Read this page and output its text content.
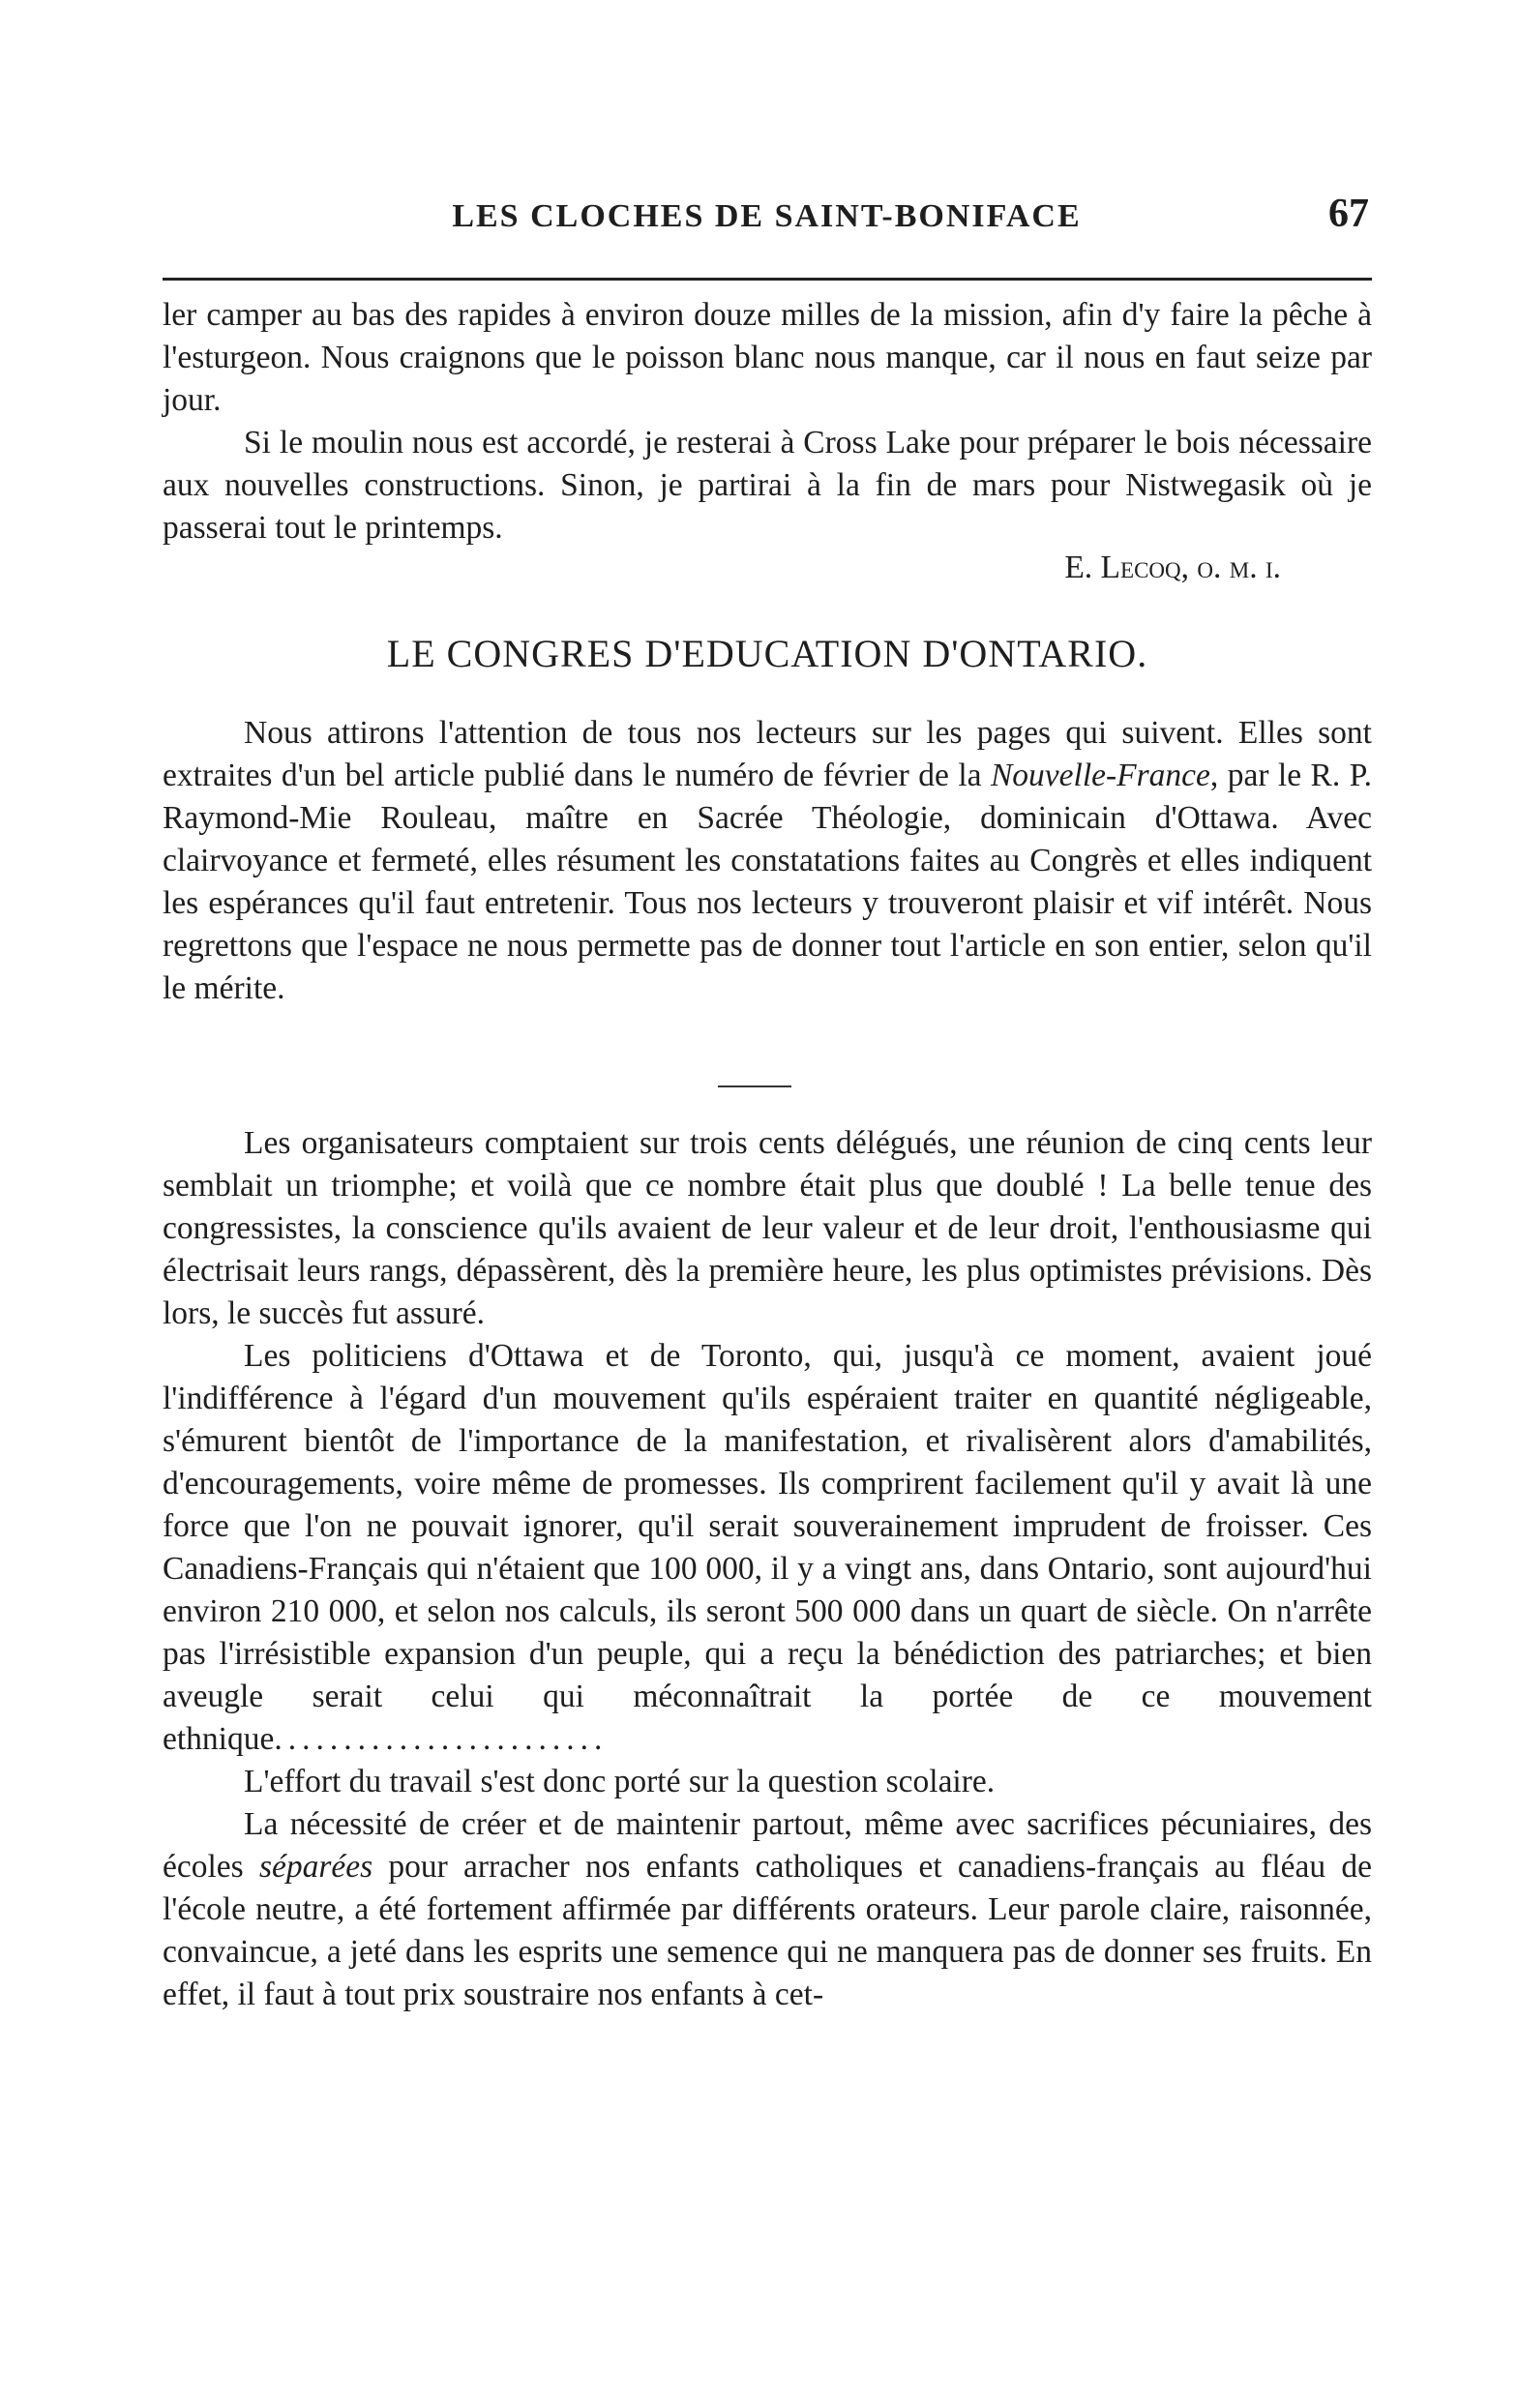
LES CLOCHES DE SAINT-BONIFACE	67

ler camper au bas des rapides à environ douze milles de la mission, afin d'y faire la pêche à l'esturgeon. Nous craignons que le poisson blanc nous manque, car il nous en faut seize par jour.

Si le moulin nous est accordé, je resterai à Cross Lake pour préparer le bois nécessaire aux nouvelles constructions. Sinon, je partirai à la fin de mars pour Nistwegasik où je passerai tout le printemps.

E. Lecoq, o. m. i.
LE CONGRES D'EDUCATION D'ONTARIO.

Nous attirons l'attention de tous nos lecteurs sur les pages qui suivent. Elles sont extraites d'un bel article publié dans le numéro de février de la Nouvelle-France, par le R. P. Raymond-Mie Rouleau, maître en Sacrée Théologie, dominicain d'Ottawa. Avec clairvoyance et fermeté, elles résument les constatations faites au Congrès et elles indiquent les espérances qu'il faut entretenir. Tous nos lecteurs y trouveront plaisir et vif intérêt. Nous regrettons que l'espace ne nous permette pas de donner tout l'article en son entier, selon qu'il le mérite.

Les organisateurs comptaient sur trois cents délégués, une réunion de cinq cents leur semblait un triomphe; et voilà que ce nombre était plus que doublé ! La belle tenue des congressistes, la conscience qu'ils avaient de leur valeur et de leur droit, l'enthousiasme qui électrisait leurs rangs, dépassèrent, dès la première heure, les plus optimistes prévisions. Dès lors, le succès fut assuré.

Les politiciens d'Ottawa et de Toronto, qui, jusqu'à ce moment, avaient joué l'indifférence à l'égard d'un mouvement qu'ils espéraient traiter en quantité négligeable, s'émurent bientôt de l'importance de la manifestation, et rivalisèrent alors d'amabilités, d'encouragements, voire même de promesses. Ils comprirent facilement qu'il y avait là une force que l'on ne pouvait ignorer, qu'il serait souverainement imprudent de froisser. Ces Canadiens-Français qui n'étaient que 100 000, il y a vingt ans, dans Ontario, sont aujourd'hui environ 210 000, et selon nos calculs, ils seront 500 000 dans un quart de siècle. On n'arrête pas l'irrésistible expansion d'un peuple, qui a reçu la bénédiction des patriarches; et bien aveugle serait celui qui méconnaîtrait la portée de ce mouvement ethnique........................

L'effort du travail s'est donc porté sur la question scolaire.

La nécessité de créer et de maintenir partout, même avec sacrifices pécuniaires, des écoles séparées pour arracher nos enfants catholiques et canadiens-français au fléau de l'école neutre, a été fortement affirmée par différents orateurs. Leur parole claire, raisonnée, convaincue, a jeté dans les esprits une semence qui ne manquera pas de donner ses fruits. En effet, il faut à tout prix soustraire nos enfants à cet-
